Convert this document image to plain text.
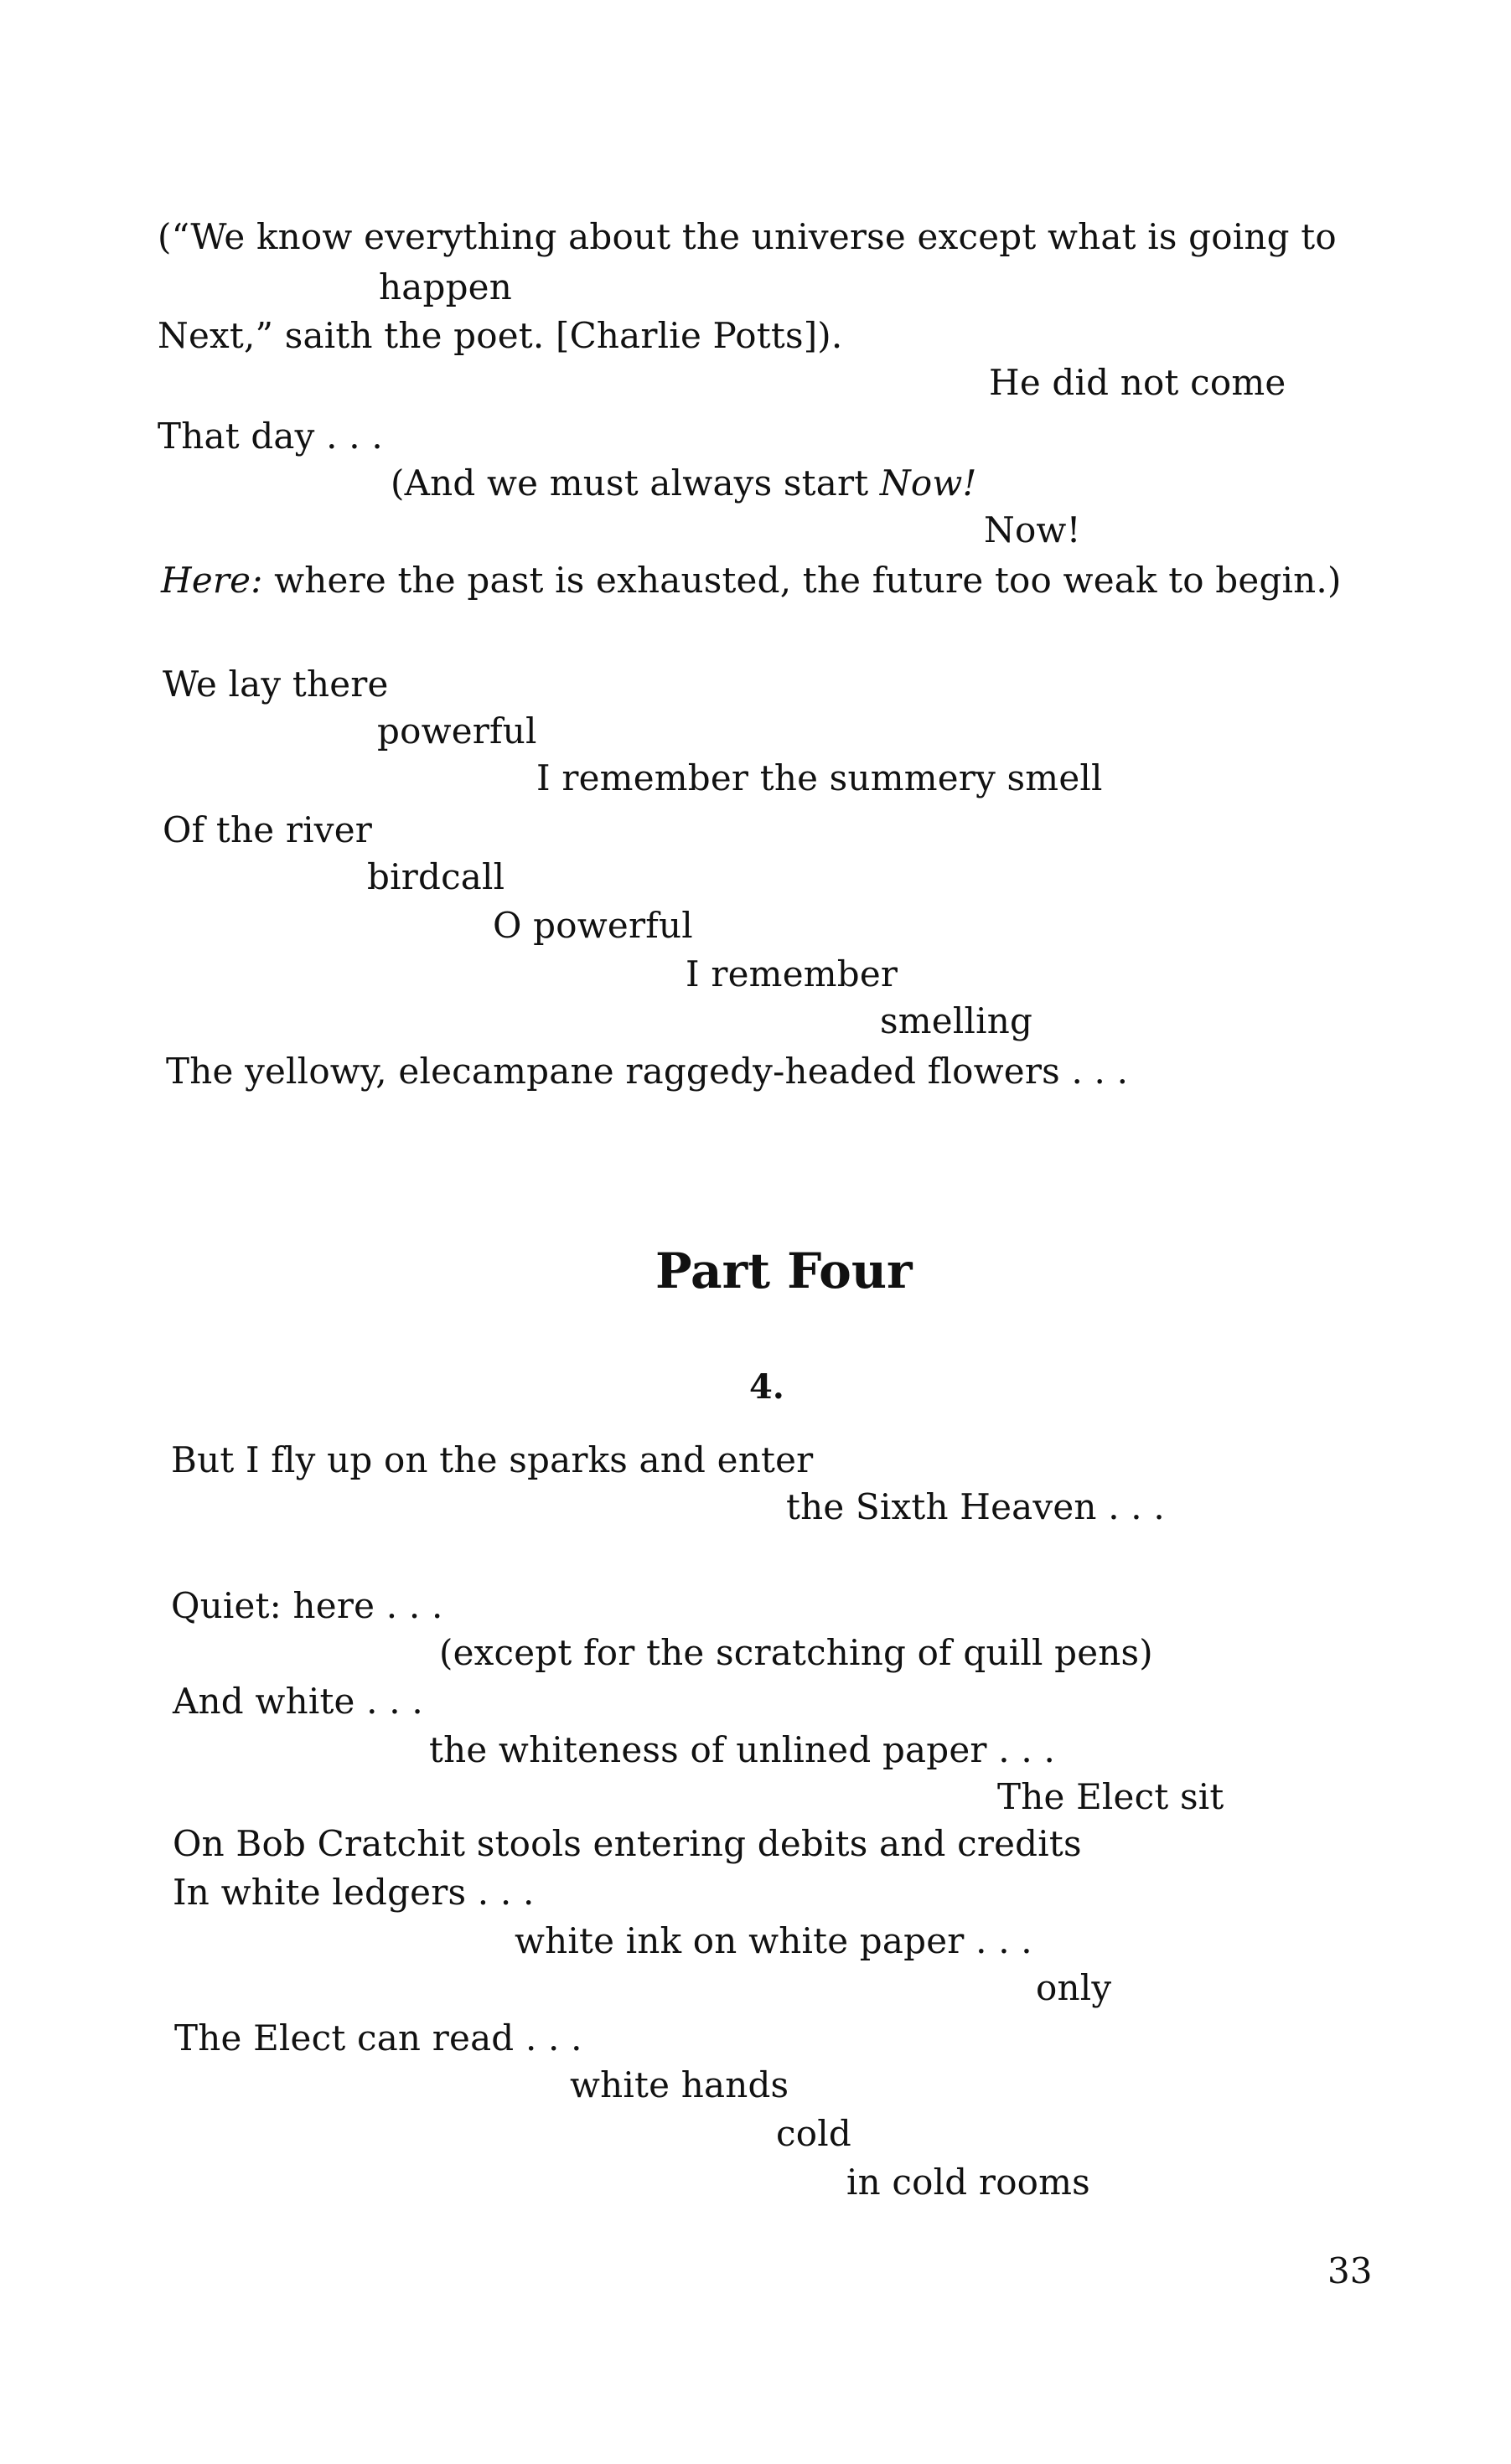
(“We know everything about the universe except what is going to
happen
Next,” saith the poet. [Charlie Potts]).
He did not come
That day . . .
(And we must always start Now!
Now!
Here: where the past is exhausted, the future too weak to begin.)
We lay there
powerful
I remember the summery smell
Of the river
birdcall
O powerful
I remember
smelling
The yellowy, elecampane raggedy-headed flowers . . .
Part Four
4.
But I fly up on the sparks and enter
the Sixth Heaven . . .
Quiet: here . . .
(except for the scratching of quill pens)
And white . . .
the whiteness of unlined paper . . .
The Elect sit
On Bob Cratchit stools entering debits and credits
In white ledgers . . .
white ink on white paper . . .
only
The Elect can read . . .
white hands
cold
in cold rooms
33
